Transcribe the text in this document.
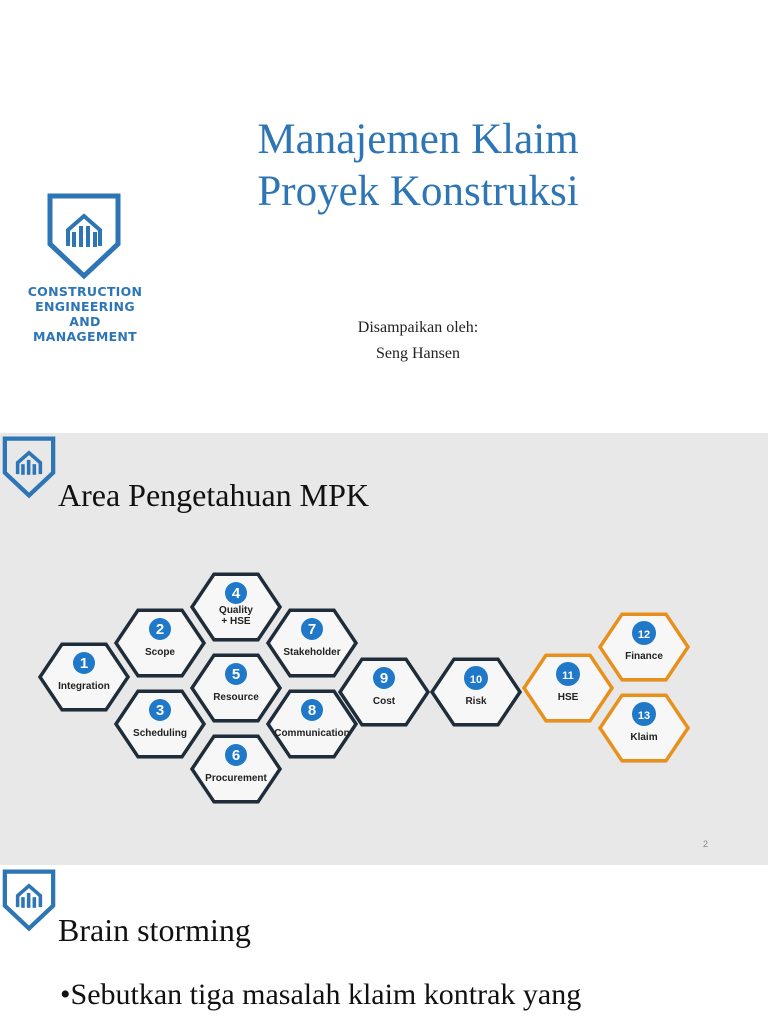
CONSTRUCTION
ENGINEERING
AND
MANAGEMENT
Manajemen Klaim
Proyek Konstruksi
Disampaikan oleh:
Seng Hansen
Area Pengetahuan MPK
1
Integration
2
Scope
3
Scheduling
4
Quality
+ HSE
5
Resource
6
Procurement
7
Stakeholder
8
Communication
9
Cost
10
Risk
11
HSE
12
Finance
13
Klaim
2
Brain storming
•Sebutkan tiga masalah klaim kontrak yang
